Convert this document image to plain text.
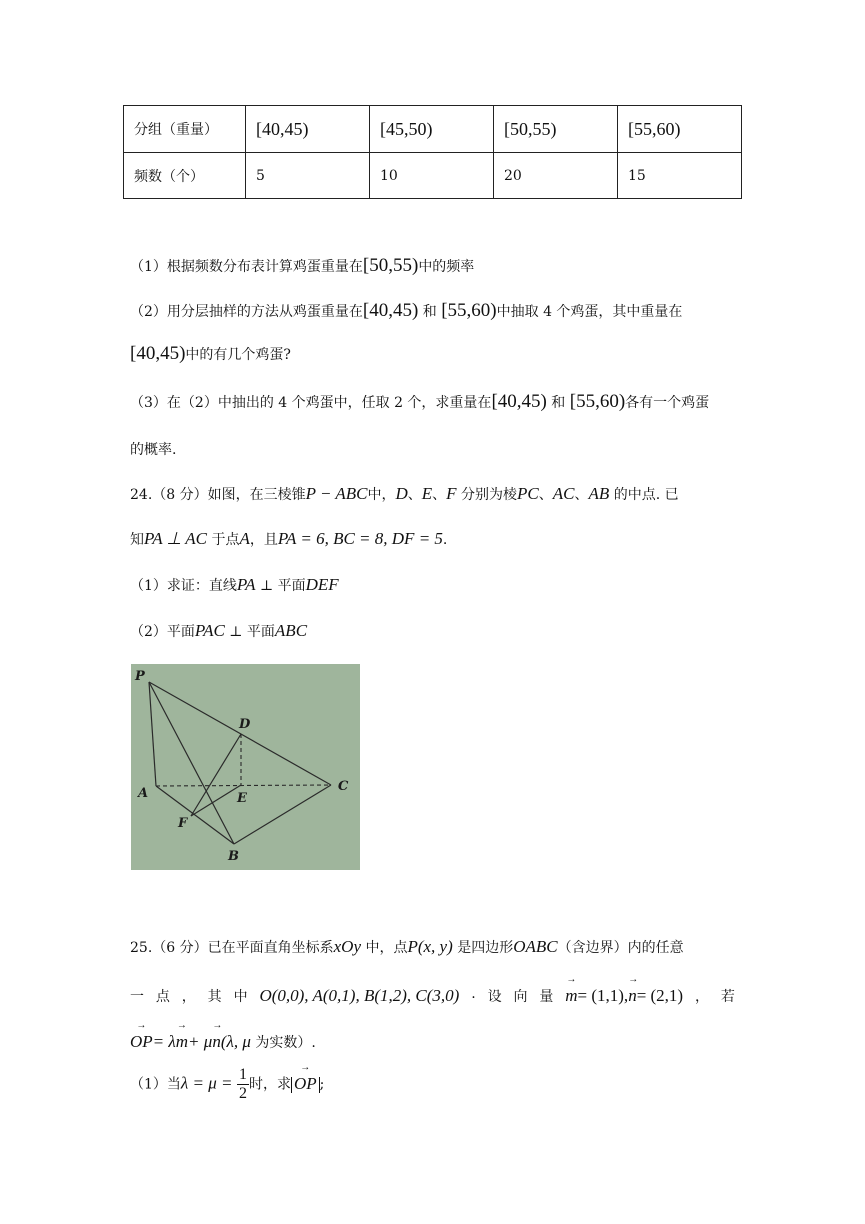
分组（重量）	[40,45)	[45,50)	[50,55)	[55,60)
频数（个）	5	10	20	15
（1）根据频数分布表计算鸡蛋重量在[50,55)中的频率
（2）用分层抽样的方法从鸡蛋重量在[40,45) 和 [55,60)中抽取 4 个鸡蛋，其中重量在
[40,45)中的有几个鸡蛋?
（3）在（2）中抽出的 4 个鸡蛋中，任取 2 个，求重量在[40,45) 和 [55,60)各有一个鸡蛋
的概率.
24.（8 分）如图，在三棱锥P − ABC中，D、E、F 分别为棱PC、AC、AB 的中点. 已
知PA ⊥ AC 于点A，且PA = 6, BC = 8, DF = 5.
（1）求证：直线PA ⊥ 平面DEF
（2）平面PAC ⊥ 平面ABC
P
D
A	E
C
F
B
25.（6 分）已在平面直角坐标系xOy 中，点P(x, y) 是四边形OABC（含边界）内的任意
一 点 ， 其 中 O(0,0), A(0,1), B(1,2), C(3,0) . 设 向 量 → m= (1,1),→ n= (2,1) ， 若
→ OP= λ→ m+ μ→ n(λ, μ 为实数）.
（1）当$\lambda = \mu = \frac{1}{2}$ 时，求 → OP ;
